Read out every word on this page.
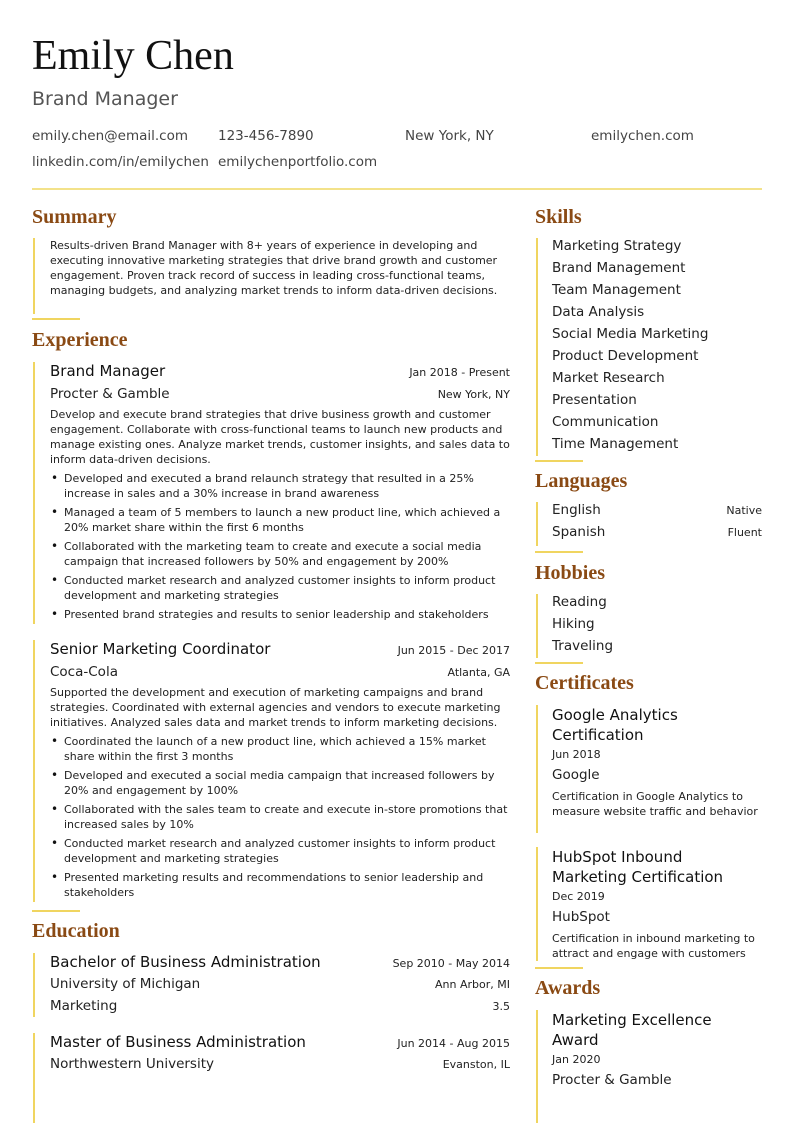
Emily Chen
Brand Manager
emily.chen@email.com 123-456-7890	New York, NY	emilychen.com
linkedin.com/in/emilychen emilychenportfolio.com
Summary
Results-driven Brand Manager with 8+ years of experience in developing and executing innovative marketing strategies that drive brand growth and customer engagement. Proven track record of success in leading cross-functional teams, managing budgets, and analyzing market trends to inform data-driven decisions.
Experience
Brand Manager	Jan 2018 - Present
Procter & Gamble	New York, NY
Develop and execute brand strategies that drive business growth and customer engagement. Collaborate with cross-functional teams to launch new products and manage existing ones. Analyze market trends, customer insights, and sales data to inform data-driven decisions.
• Developed and executed a brand relaunch strategy that resulted in a 25% increase in sales and a 30% increase in brand awareness
• Managed a team of 5 members to launch a new product line, which achieved a 20% market share within the first 6 months
• Collaborated with the marketing team to create and execute a social media campaign that increased followers by 50% and engagement by 200%
• Conducted market research and analyzed customer insights to inform product development and marketing strategies
• Presented brand strategies and results to senior leadership and stakeholders
Senior Marketing Coordinator	Jun 2015 - Dec 2017
Coca-Cola	Atlanta, GA
Supported the development and execution of marketing campaigns and brand strategies. Coordinated with external agencies and vendors to execute marketing initiatives. Analyzed sales data and market trends to inform marketing decisions.
• Coordinated the launch of a new product line, which achieved a 15% market share within the first 3 months
• Developed and executed a social media campaign that increased followers by 20% and engagement by 100%
• Collaborated with the sales team to create and execute in-store promotions that increased sales by 10%
• Conducted market research and analyzed customer insights to inform product development and marketing strategies
• Presented marketing results and recommendations to senior leadership and stakeholders
Education
Bachelor of Business Administration	Sep 2010 - May 2014
University of Michigan	Ann Arbor, MI
Marketing	3.5
Master of Business Administration	Jun 2014 - Aug 2015
Northwestern University	Evanston, IL
Skills
Marketing Strategy
Brand Management
Team Management
Data Analysis
Social Media Marketing
Product Development
Market Research
Presentation
Communication
Time Management
Languages
English	Native
Spanish	Fluent
Hobbies
Reading
Hiking
Traveling
Certificates
Google Analytics Certification
Jun 2018
Google
Certification in Google Analytics to measure website traffic and behavior
HubSpot Inbound Marketing Certification
Dec 2019
HubSpot
Certification in inbound marketing to attract and engage with customers
Awards
Marketing Excellence Award
Jan 2020
Procter & Gamble
